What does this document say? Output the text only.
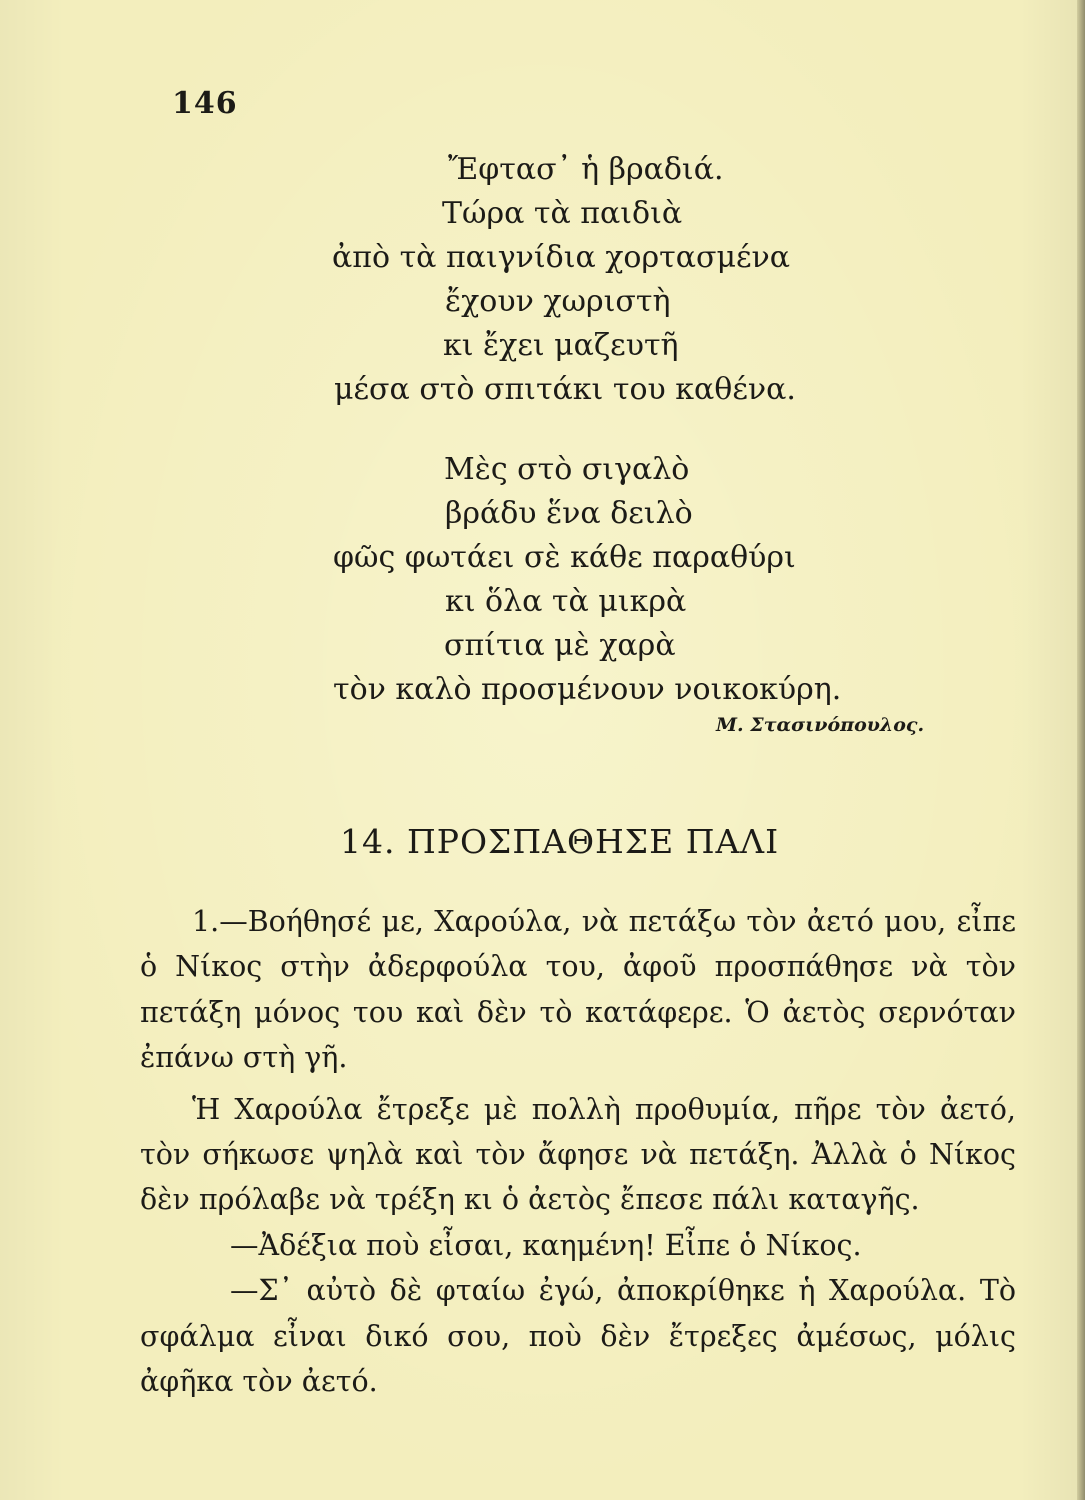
146
Ἔφτασ᾿ ἡ βραδιά.
Τώρα τὰ παιδιὰ
ἀπὸ τὰ παιγνίδια χορτασμένα
ἔχουν χωριστὴ
κι ἔχει μαζευτῆ
μέσα στὸ σπιτάκι του καθένα.
Μὲς στὸ σιγαλὸ
βράδυ ἕνα δειλὸ
φῶς φωτάει σὲ κάθε παραθύρι
κι ὅλα τὰ μικρὰ
σπίτια μὲ χαρὰ
τὸν καλὸ προσμένουν νοικοκύρη.
Μ. Στασινόπουλος.
14. ΠΡΟΣΠΑΘΗΣΕ ΠΑΛΙ

1.—Βοήθησέ με, Χαρούλα, νὰ πετάξω τὸν ἀετό μου, εἶπε ὁ Νίκος στὴν ἀδερφούλα του, ἀφοῦ προσπάθησε νὰ τὸν πετάξη μόνος του καὶ δὲν τὸ κατάφερε. Ὁ ἀετὸς σερνόταν ἐπάνω στὴ γῆ.

Ἡ Χαρούλα ἔτρεξε μὲ πολλὴ προθυμία, πῆρε τὸν ἀετό, τὸν σήκωσε ψηλὰ καὶ τὸν ἄφησε νὰ πετάξη. Ἀλλὰ ὁ Νίκος δὲν πρόλαβε νὰ τρέξη κι ὁ ἀετὸς ἔπεσε πάλι καταγῆς.

—Ἀδέξια ποὺ εἶσαι, καημένη! Εἶπε ὁ Νίκος.

—Σ᾿ αὐτὸ δὲ φταίω ἐγώ, ἀποκρίθηκε ἡ Χαρούλα. Τὸ σφάλμα εἶναι δικό σου, ποὺ δὲν ἔτρεξες ἀμέσως, μόλις ἀφῆκα τὸν ἀετό.
